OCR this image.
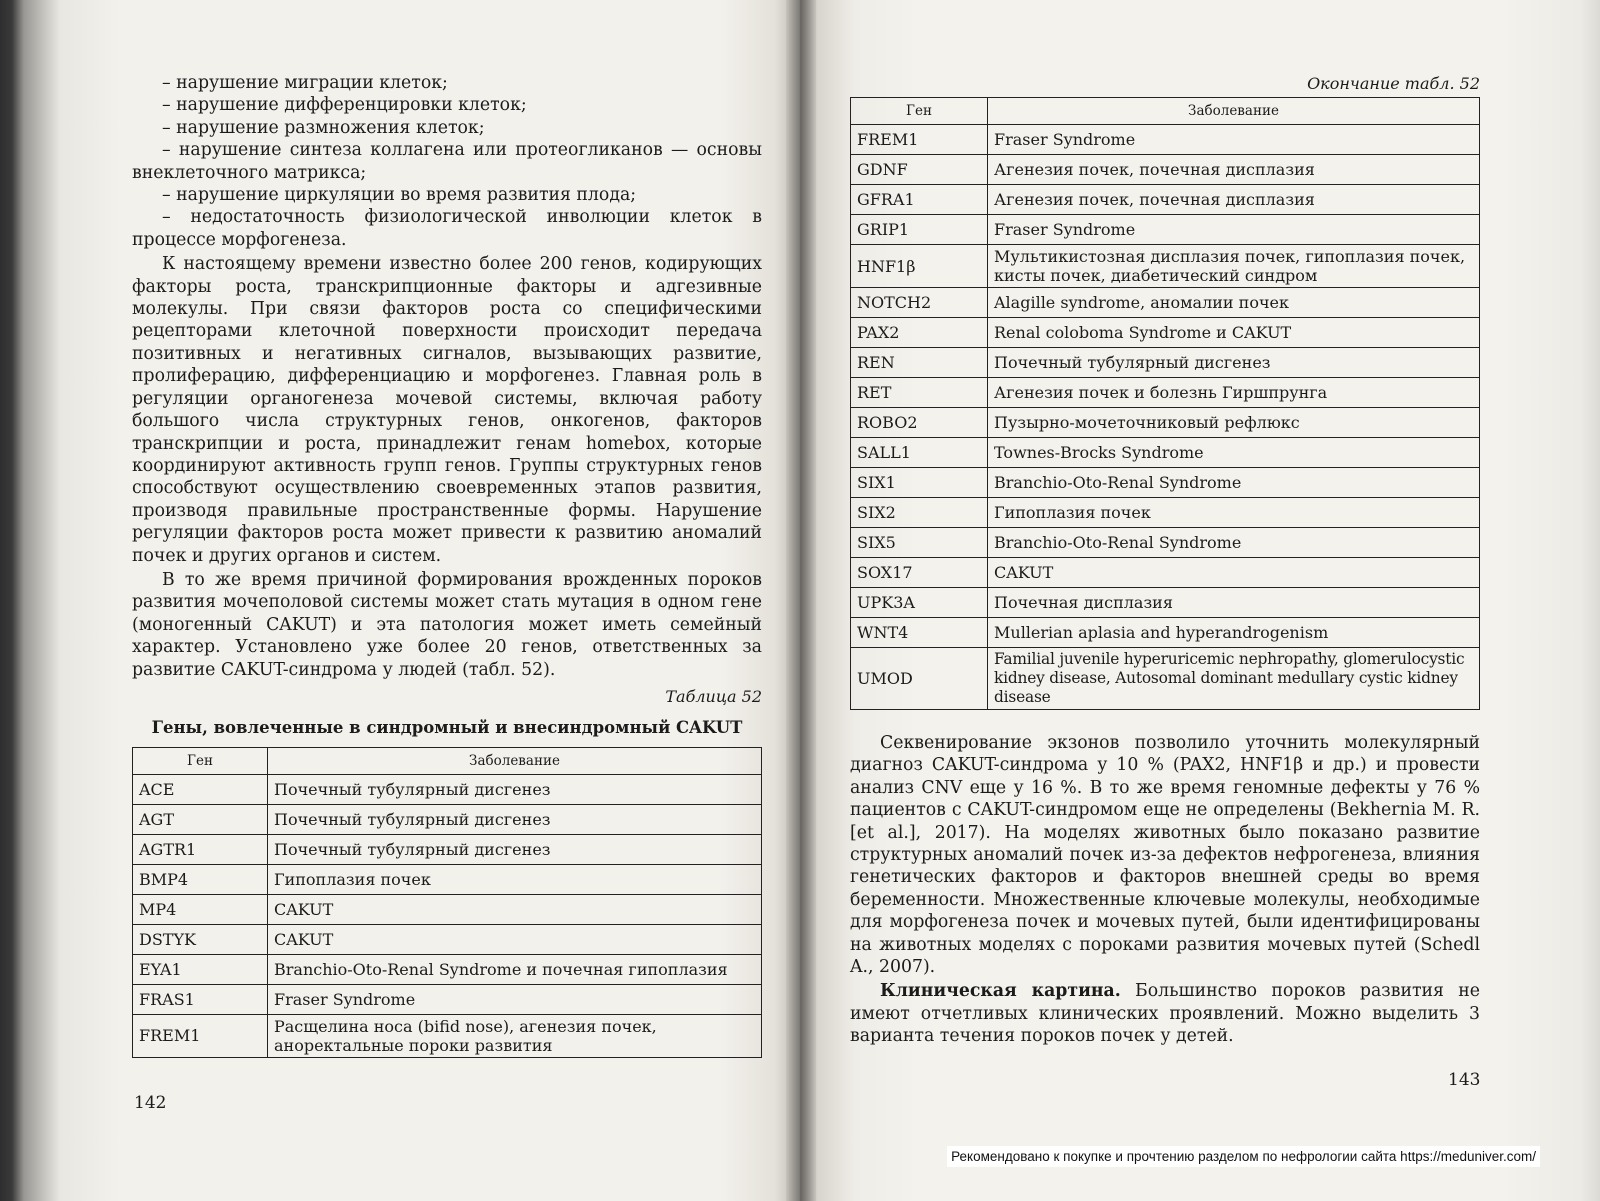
– нарушение миграции клеток;

– нарушение дифференцировки клеток;

– нарушение размножения клеток;

– нарушение синтеза коллагена или протеогликанов — основы внеклеточного матрикса;

– нарушение циркуляции во время развития плода;

– недостаточность физиологической инволюции клеток в процессе морфогенеза.

К настоящему времени известно более 200 генов, кодирующих факторы роста, транскрипционные факторы и адгезивные молекулы. При связи факторов роста со специфическими рецепторами клеточной поверхности происходит передача позитивных и негативных сигналов, вызывающих развитие, пролиферацию, дифференциацию и морфогенез. Главная роль в регуляции органогенеза мочевой системы, включая работу большого числа структурных генов, онкогенов, факторов транскрипции и роста, принадлежит генам homebox, которые координируют активность групп генов. Группы структурных генов способствуют осуществлению своевременных этапов развития, производя правильные пространственные формы. Нарушение регуляции факторов роста может привести к развитию аномалий почек и других органов и систем.

В то же время причиной формирования врожденных пороков развития мочеполовой системы может стать мутация в одном гене (моногенный CAKUT) и эта патология может иметь семейный характер. Установлено уже более 20 генов, ответственных за развитие CAKUT-синдрома у людей (табл. 52).

Таблица 52
Гены, вовлеченные в синдромный и внесиндромный CAKUT
Ген	Заболевание
ACE	Почечный тубулярный дисгенез
AGT	Почечный тубулярный дисгенез
AGTR1	Почечный тубулярный дисгенез
BMP4	Гипоплазия почек
MP4	CAKUT
DSTYK	CAKUT
EYA1	Branchio-Oto-Renal Syndrome и почечная гипоплазия
FRAS1	Fraser Syndrome
FREM1	Расщелина носа (bifid nose), агенезия почек, аноректальные пороки развития
142
Окончание табл. 52
Ген	Заболевание
FREM1	Fraser Syndrome
GDNF	Агенезия почек, почечная дисплазия
GFRA1	Агенезия почек, почечная дисплазия
GRIP1	Fraser Syndrome
HNF1β	Мультикистозная дисплазия почек, гипоплазия почек, кисты почек, диабетический синдром
NOTCH2	Alagille syndrome, аномалии почек
PAX2	Renal coloboma Syndrome и CAKUT
REN	Почечный тубулярный дисгенез
RET	Агенезия почек и болезнь Гиршпрунга
ROBO2	Пузырно-мочеточниковый рефлюкс
SALL1	Townes-Brocks Syndrome
SIX1	Branchio-Oto-Renal Syndrome
SIX2	Гипоплазия почек
SIX5	Branchio-Oto-Renal Syndrome
SOX17	CAKUT
UPK3A	Почечная дисплазия
WNT4	Mullerian aplasia and hyperandrogenism
UMOD	Familial juvenile hyperuricemic nephropathy, glomerulocystic kidney disease, Autosomal dominant medullary cystic kidney disease

Секвенирование экзонов позволило уточнить молекулярный диагноз CAKUT-синдрома у 10 % (PAX2, HNF1β и др.) и провести анализ CNV еще у 16 %. В то же время геномные дефекты у 76 % пациентов с CAKUT-синдромом еще не определены (Bekhernia M. R. [et al.], 2017). На моделях животных было показано развитие структурных аномалий почек из-за дефектов нефрогенеза, влияния генетических факторов и факторов внешней среды во время беременности. Множественные ключевые молекулы, необходимые для морфогенеза почек и мочевых путей, были идентифицированы на животных моделях с пороками развития мочевых путей (Schedl A., 2007).

Клиническая картина. Большинство пороков развития не имеют отчетливых клинических проявлений. Можно выделить 3 варианта течения пороков почек у детей.

143
Рекомендовано к покупке и прочтению разделом по нефрологии сайта https://meduniver.com/
